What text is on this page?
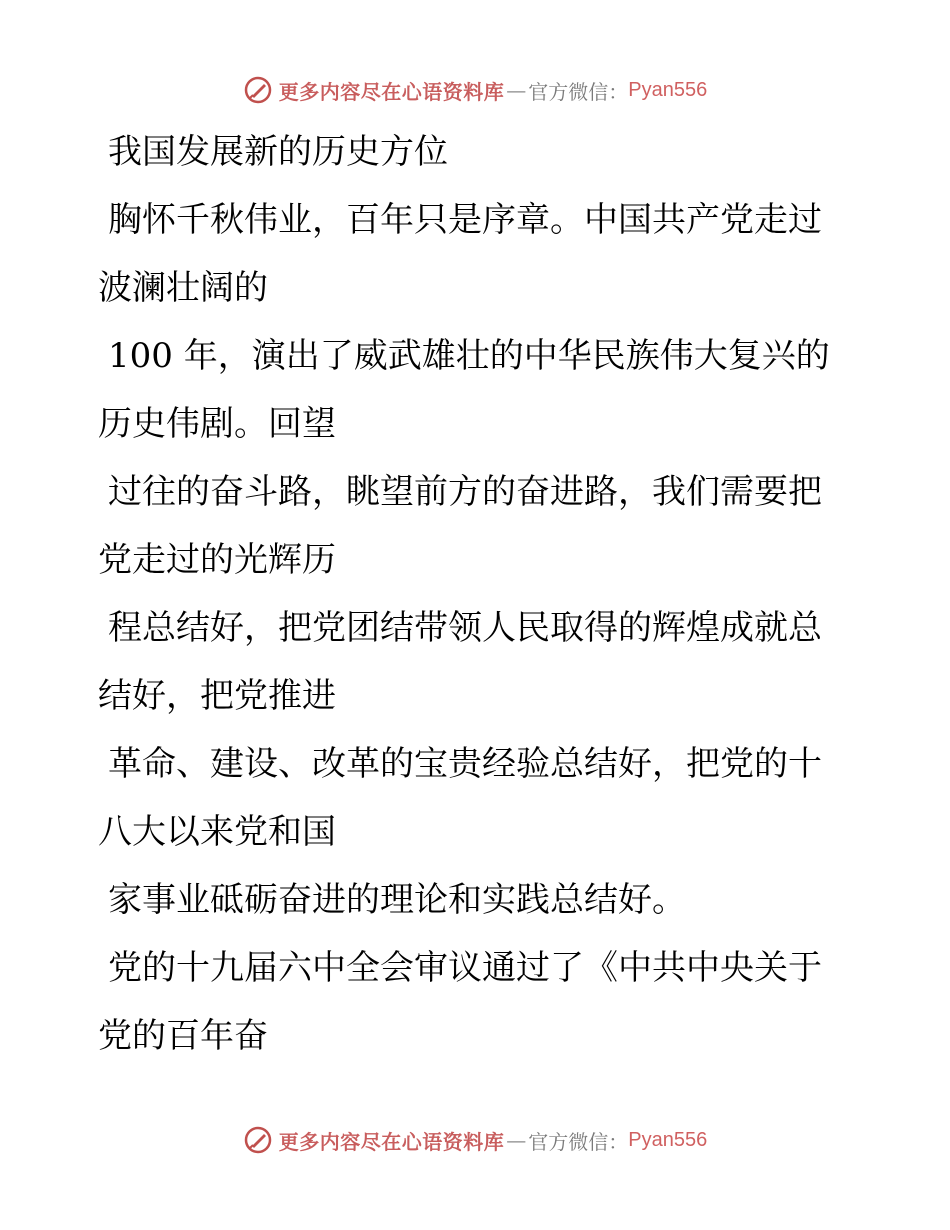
更多内容尽在心语资料库 — 官方微信： Pyan556

我国发展新的历史方位

胸怀千秋伟业，百年只是序章。中国共产党走过
波澜壮阔的

100 年，演出了威武雄壮的中华民族伟大复兴的
历史伟剧。回望

过往的奋斗路，眺望前方的奋进路，我们需要把
党走过的光辉历

程总结好，把党团结带领人民取得的辉煌成就总
结好，把党推进

革命、建设、改革的宝贵经验总结好，把党的十
八大以来党和国

家事业砥砺奋进的理论和实践总结好。

党的十九届六中全会审议通过了《中共中央关于
党的百年奋

更多内容尽在心语资料库 — 官方微信： Pyan556
